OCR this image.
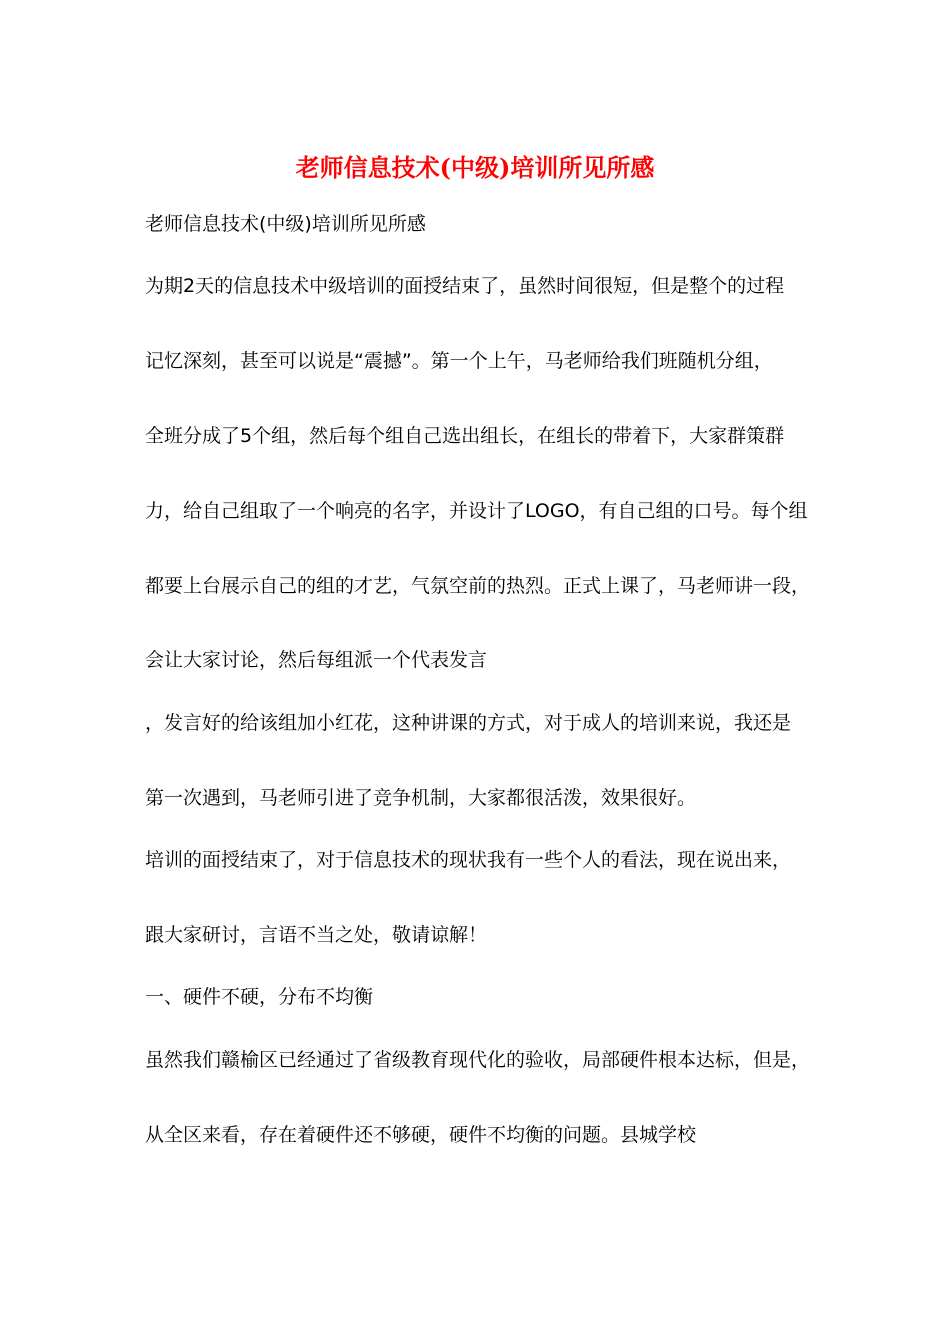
老师信息技术(中级)培训所见所感

老师信息技术(中级)培训所见所感

为期2天的信息技术中级培训的面授结束了，虽然时间很短，但是整个的过程

记忆深刻，甚至可以说是“震撼”。第一个上午，马老师给我们班随机分组，

全班分成了5个组，然后每个组自己选出组长，在组长的带着下，大家群策群

力，给自己组取了一个响亮的名字，并设计了LOGO，有自己组的口号。每个组

都要上台展示自己的组的才艺，气氛空前的热烈。正式上课了，马老师讲一段，

会让大家讨论，然后每组派一个代表发言

，发言好的给该组加小红花，这种讲课的方式，对于成人的培训来说，我还是

第一次遇到，马老师引进了竞争机制，大家都很活泼，效果很好。

培训的面授结束了，对于信息技术的现状我有一些个人的看法，现在说出来，

跟大家研讨，言语不当之处，敬请谅解！

一、硬件不硬，分布不均衡

虽然我们赣榆区已经通过了省级教育现代化的验收，局部硬件根本达标，但是，

从全区来看，存在着硬件还不够硬，硬件不均衡的问题。县城学校
